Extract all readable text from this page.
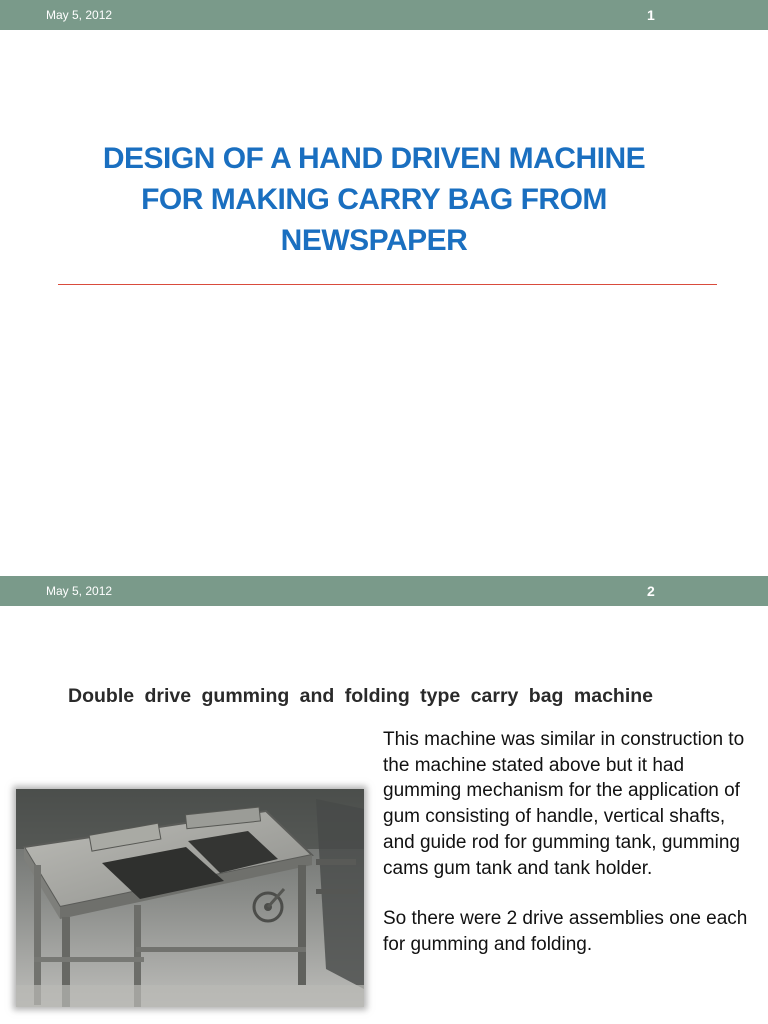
May 5, 2012	1
DESIGN OF A HAND DRIVEN MACHINE
FOR MAKING CARRY BAG FROM
NEWSPAPER
May 5, 2012	2
Double drive gumming and folding type carry bag machine

This machine was similar in construction to the machine stated above but it had gumming mechanism for the application of gum consisting of handle, vertical shafts, and guide rod for gumming tank, gumming cams gum tank and tank holder.

So there were 2 drive assemblies one each for gumming and folding.
